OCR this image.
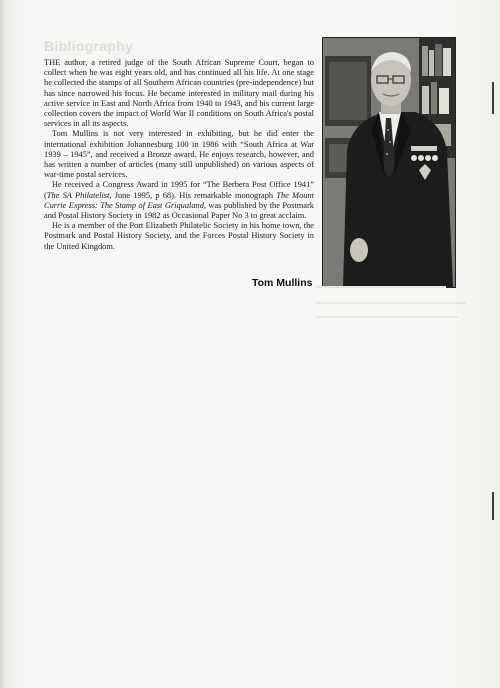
Bibliography

THE author, a retired judge of the South African Supreme Court, began to collect when he was eight years old, and has continued all his life. At one stage he collected the stamps of all Southern African countries (pre-independence) but has since narrowed his focus. He became interested in military mail during his active service in East and North Africa from 1940 to 1943, and his current large collection covers the impact of World War II conditions on South Africa's postal services in all its aspects.

Tom Mullins is not very interested in exhibiting, but he did enter the international exhibition Johannesburg 100 in 1986 with “South Africa at War 1939 – 1945”, and received a Bronze award. He enjoys research, however, and has written a number of articles (many still unpublished) on various aspects of war-time postal services.

He received a Congress Award in 1995 for “The Berbera Post Office 1941” (The SA Philatelist, June 1995, p 68). His remarkable monograph The Mount Currie Express: The Stamp of East Griqualand, was published by the Postmark and Postal History Society in 1982 as Occasional Paper No 3 to great acclaim.

He is a member of the Port Elizabeth Philatelic Society in his home town, the Postmark and Postal History Society, and the Forces Postal History Society in the United Kingdom.

Tom Mullins
